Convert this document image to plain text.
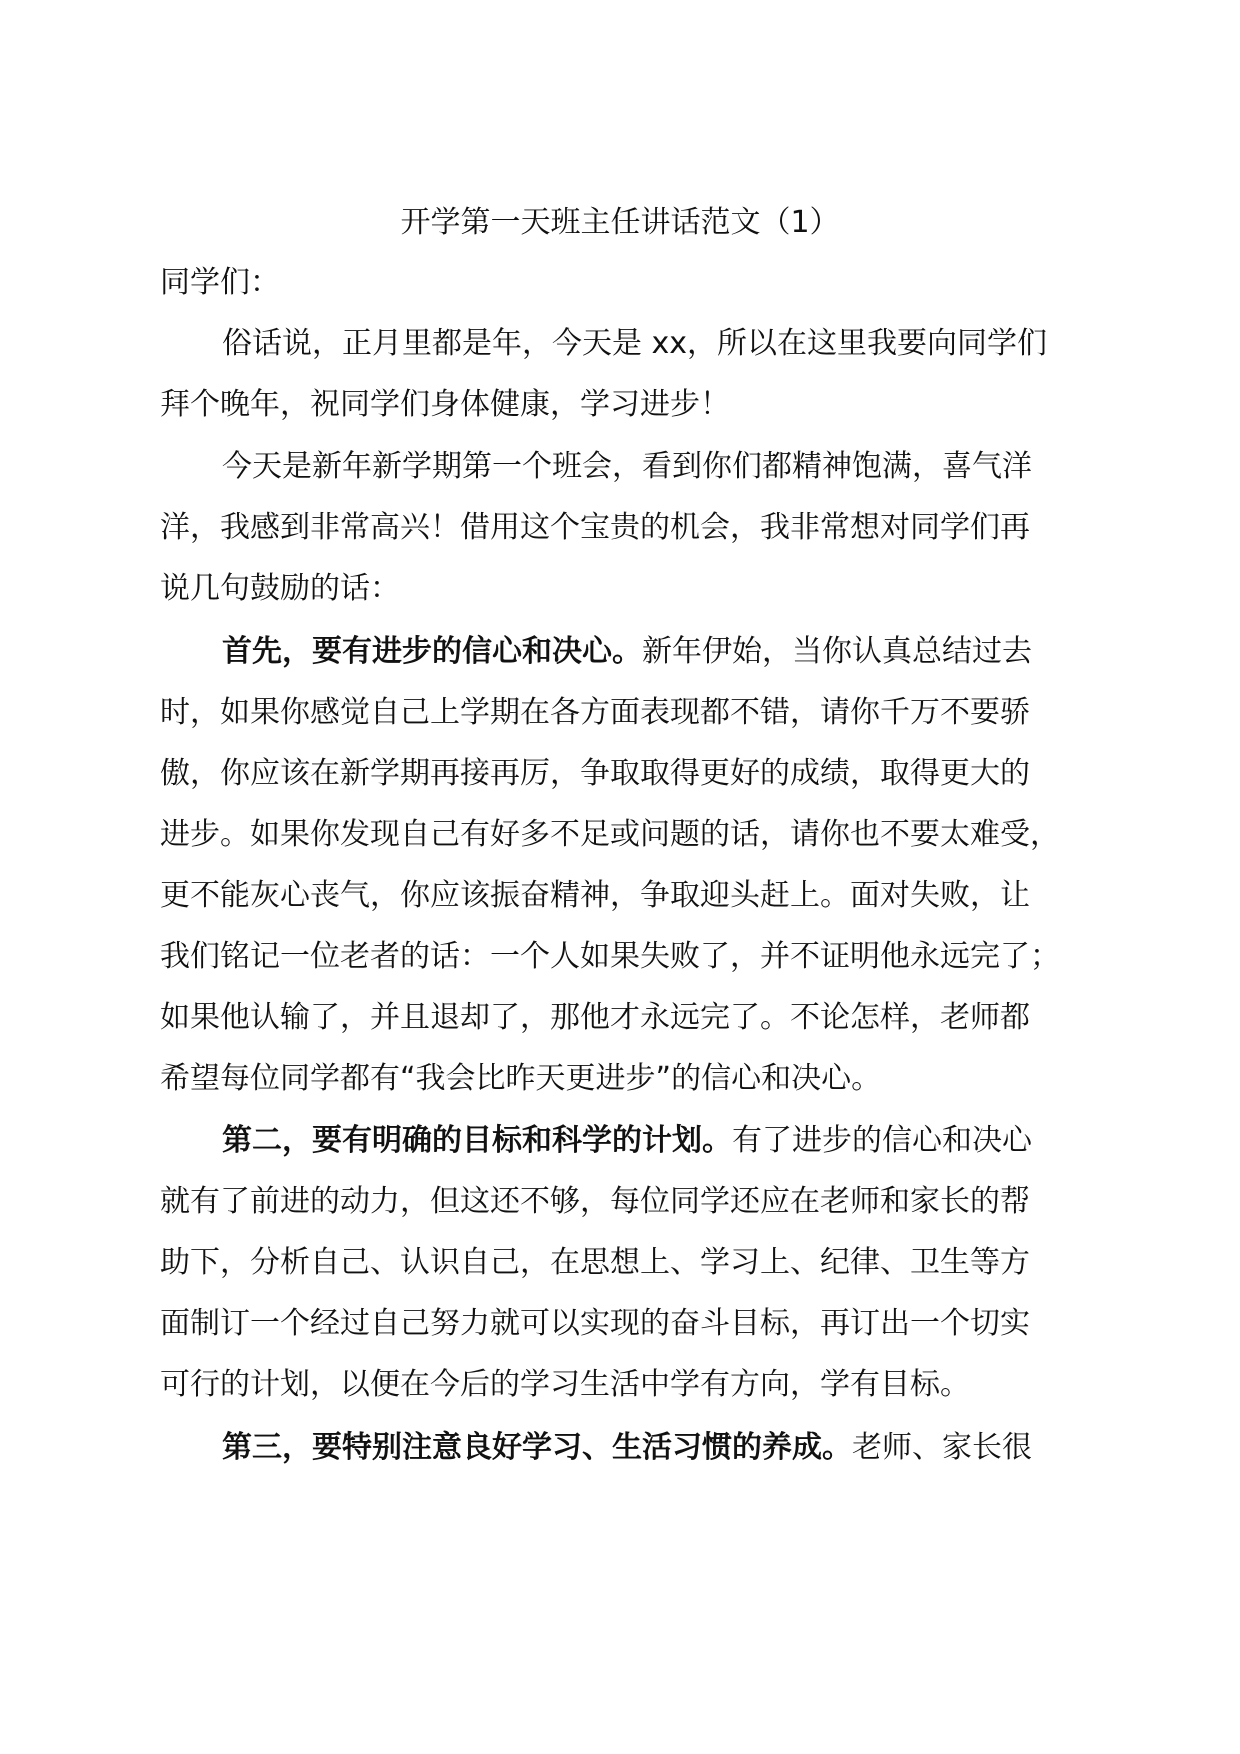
开学第一天班主任讲话范文（1）
同学们：
俗话说，正月里都是年，今天是 xx，所以在这里我要向同学们
拜个晚年，祝同学们身体健康，学习进步！
今天是新年新学期第一个班会，看到你们都精神饱满，喜气洋
洋，我感到非常高兴！借用这个宝贵的机会，我非常想对同学们再
说几句鼓励的话：
首先，要有进步的信心和决心。新年伊始，当你认真总结过去
时，如果你感觉自己上学期在各方面表现都不错，请你千万不要骄
傲，你应该在新学期再接再厉，争取取得更好的成绩，取得更大的
进步。如果你发现自己有好多不足或问题的话，请你也不要太难受，
更不能灰心丧气，你应该振奋精神，争取迎头赶上。面对失败，让
我们铭记一位老者的话：一个人如果失败了，并不证明他永远完了；
如果他认输了，并且退却了，那他才永远完了。不论怎样，老师都
希望每位同学都有“我会比昨天更进步”的信心和决心。
第二，要有明确的目标和科学的计划。有了进步的信心和决心
就有了前进的动力，但这还不够，每位同学还应在老师和家长的帮
助下，分析自己、认识自己，在思想上、学习上、纪律、卫生等方
面制订一个经过自己努力就可以实现的奋斗目标，再订出一个切实
可行的计划，以便在今后的学习生活中学有方向，学有目标。
第三，要特别注意良好学习、生活习惯的养成。老师、家长很
